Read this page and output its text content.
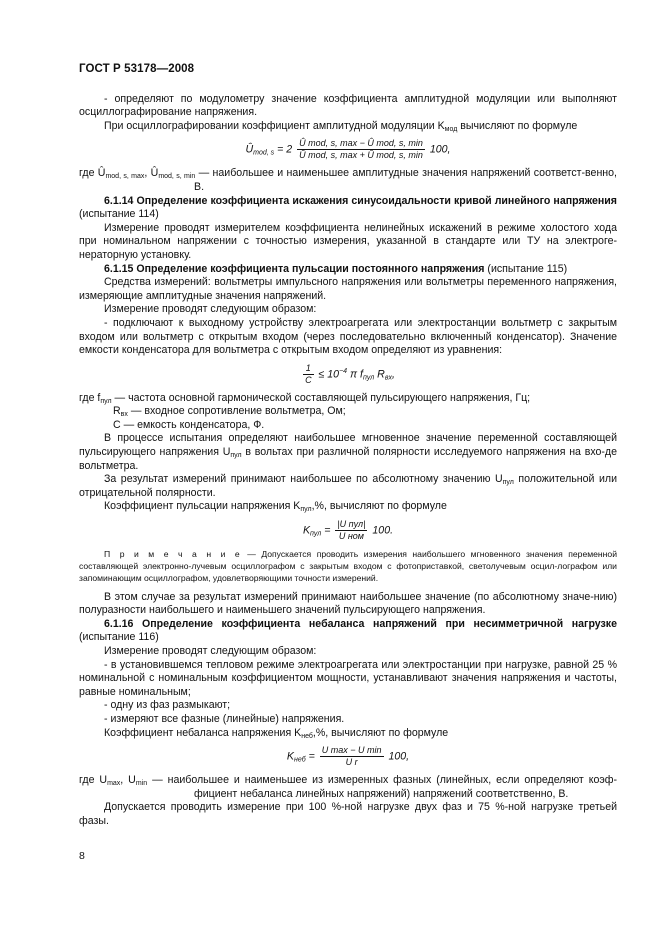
ГОСТ Р 53178—2008

- определяют по модулометру значение коэффициента амплитудной модуляции или выполняют осциллографирование напряжения.

При осциллографировании коэффициент амплитудной модуляции $K_{мод}$ вычисляют по формуле

$Û_{mod, s} = 2 \frac{\text{Û mod, s, max − Û mod, s, min}}{\text{Û mod, s, max + Û mod, s, min}} 100$,

где $Û_{mod, s, max}$, $Û_{mod, s, min}$ — наибольшее и наименьшее амплитудные значения напряжений соответст-венно, В.

6.1.14 Определение коэффициента искажения синусоидальности кривой линейного напряжения (испытание 114)

Измерение проводят измерителем коэффициента нелинейных искажений в режиме холостого хода при номинальном напряжении с точностью измерения, указанной в стандарте или ТУ на электроге-нераторную установку.

6.1.15 Определение коэффициента пульсации постоянного напряжения (испытание 115)

Средства измерений: вольтметры импульсного напряжения или вольтметры переменного напряжения, измеряющие амплитудные значения напряжений.

Измерение проводят следующим образом:

- подключают к выходному устройству электроагрегата или электростанции вольтметр с закрытым входом или вольтметр с открытым входом (через последовательно включенный конденсатор). Значение емкости конденсатора для вольтметра с открытым входом определяют из уравнения:

$\frac{1}{C} \le 10^{-4}$ π $f_{пул}$ $R_{вх}$,

где $f_{пул}$ — частота основной гармонической составляющей пульсирующего напряжения, Гц;

$R_{вх}$ — входное сопротивление вольтметра, Ом;

C — емкость конденсатора, Ф.

В процессе испытания определяют наибольшее мгновенное значение переменной составляющей пульсирующего напряжения $U_{пул}$ в вольтах при различной полярности исследуемого напряжения на вхо-де вольтметра.

За результат измерений принимают наибольшее по абсолютному значению $U_{пул}$ положительной или отрицательной полярности.

Коэффициент пульсации напряжения $K_{пул},\%$, вычисляют по формуле

$K_{пул} = \frac{\text{|U пул|}}{\text{U ном}} 100$.

П р и м е ч а н и е — Допускается проводить измерения наибольшего мгновенного значения переменной составляющей электронно-лучевым осциллографом с закрытым входом с фотоприставкой, светолучевым осцил-лографом или запоминающим осциллографом, удовлетворяющими точности измерений.

В этом случае за результат измерений принимают наибольшее значение (по абсолютному значе-нию) полуразности наибольшего и наименьшего значений пульсирующего напряжения.

6.1.16 Определение коэффициента небаланса напряжений при несимметричной нагрузке (испытание 116)

Измерение проводят следующим образом:

- в установившемся тепловом режиме электроагрегата или электростанции при нагрузке, равной 25 % номинальной с номинальным коэффициентом мощности, устанавливают значения напряжения и частоты, равные номинальным;

- одну из фаз размыкают;

- измеряют все фазные (линейные) напряжения.

Коэффициент небаланса напряжения $K_{неб},\%$, вычисляют по формуле

$K_{неб} = \frac{\text{U max − U min}}{\text{U r}} 100$,

где $U_{max}$, $U_{min}$ — наибольшее и наименьшее из измеренных фазных (линейных, если определяют коэф-фициент небаланса линейных напряжений) напряжений соответственно, В.

Допускается проводить измерение при 100 %-ной нагрузке двух фаз и 75 %-ной нагрузке третьей фазы.

8
